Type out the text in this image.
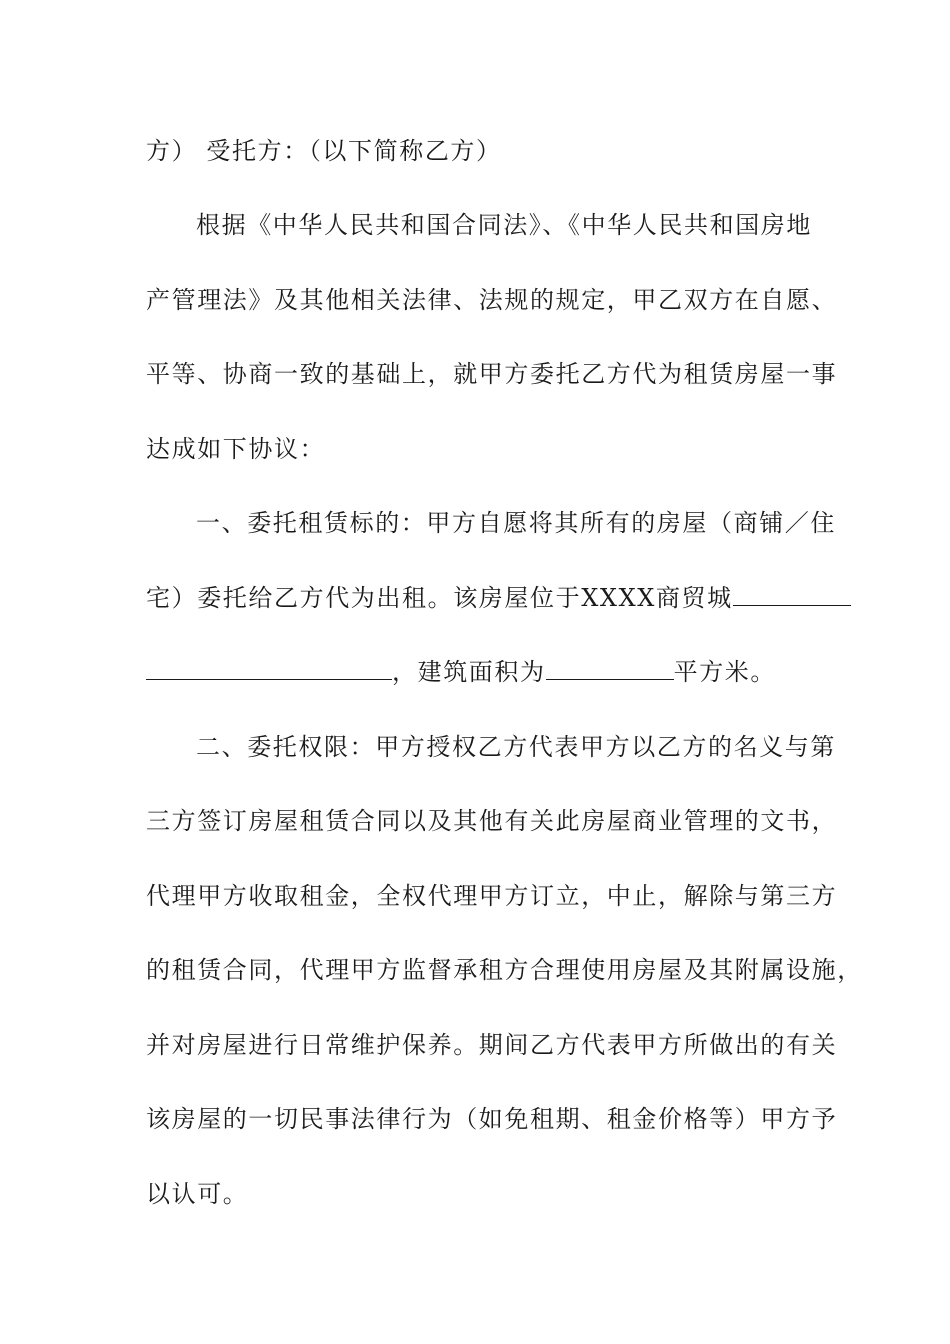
方） 受托方：（以下简称乙方）
根据《中华人民共和国合同法》、《中华人民共和国房地
产管理法》及其他相关法律、法规的规定，甲乙双方在自愿、
平等、协商一致的基础上，就甲方委托乙方代为租赁房屋一事
达成如下协议：
一、委托租赁标的：甲方自愿将其所有的房屋（商铺／住
宅）委托给乙方代为出租。该房屋位于XXXX商贸城
，建筑面积为	平方米。
二、委托权限：甲方授权乙方代表甲方以乙方的名义与第
三方签订房屋租赁合同以及其他有关此房屋商业管理的文书，
代理甲方收取租金，全权代理甲方订立，中止，解除与第三方
的租赁合同，代理甲方监督承租方合理使用房屋及其附属设施，
并对房屋进行日常维护保养。期间乙方代表甲方所做出的有关
该房屋的一切民事法律行为（如免租期、租金价格等）甲方予
以认可。
